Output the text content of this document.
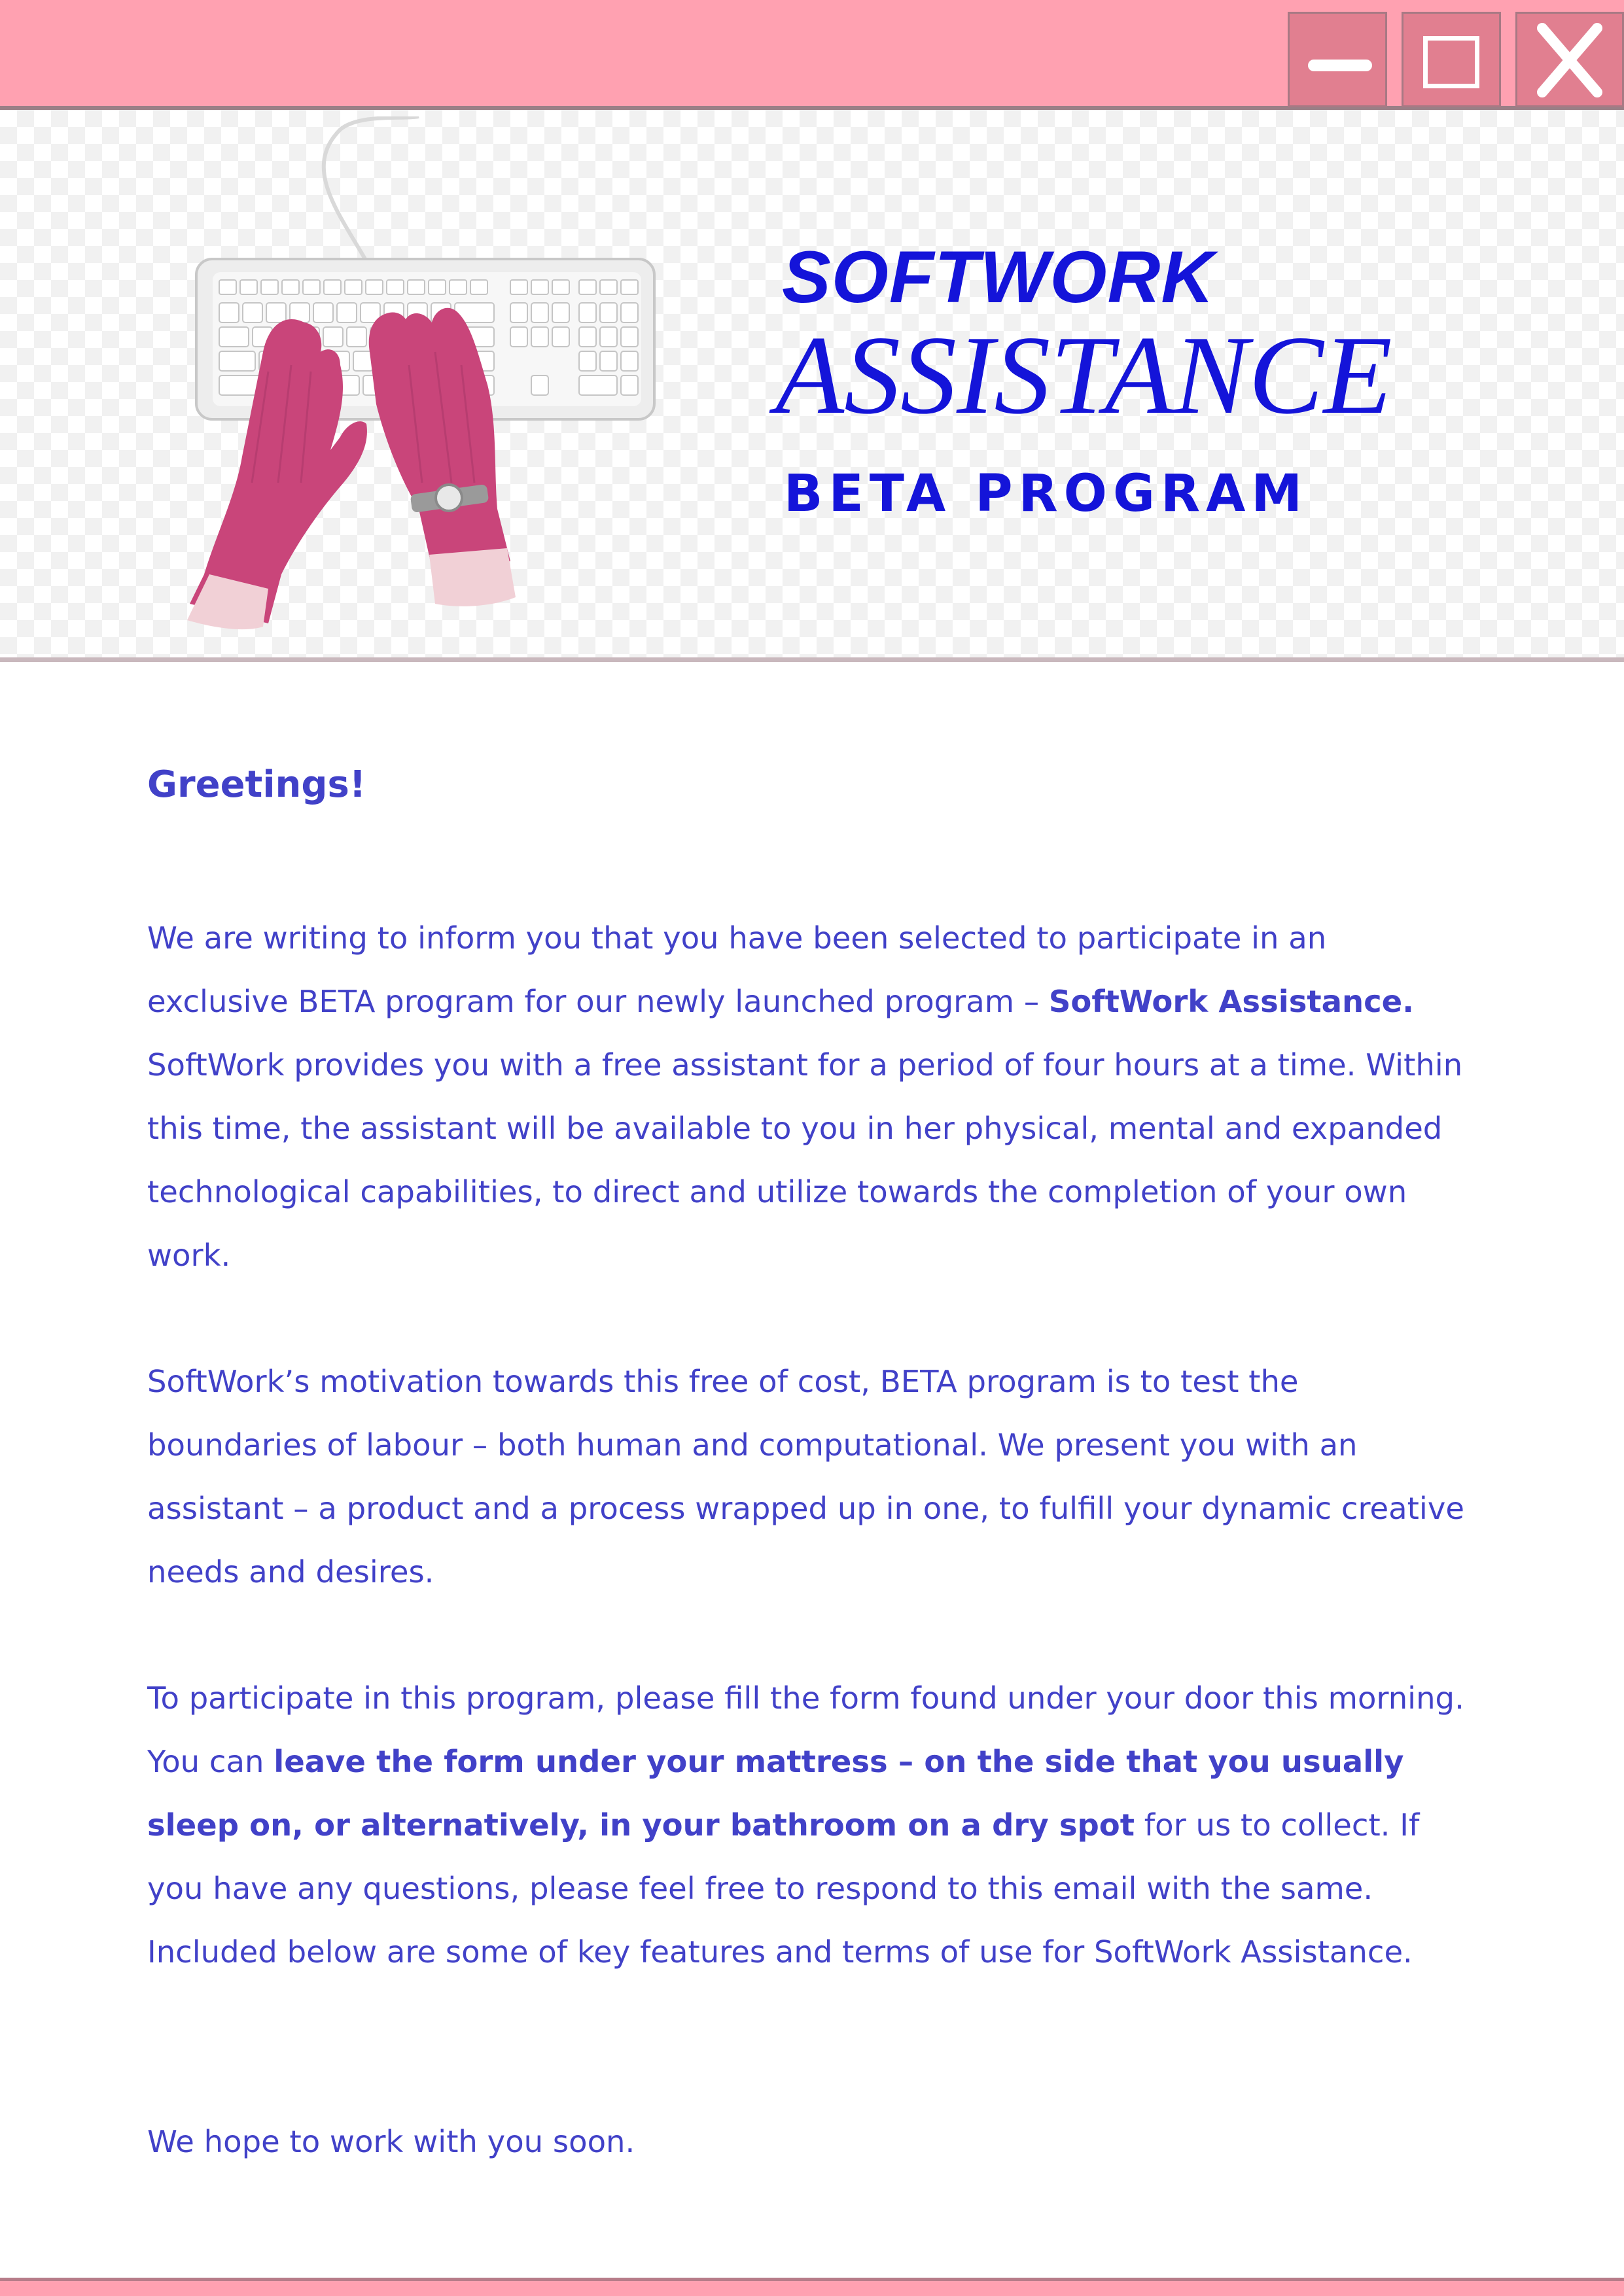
SOFTWORK
ASSISTANCE
BETA PROGRAM
Greetings!

We are writing to inform you that you have been selected to participate in an exclusive BETA program for our newly launched program – SoftWork Assistance. SoftWork provides you with a free assistant for a period of four hours at a time. Within this time, the assistant will be available to you in her physical, mental and expanded technological capabilities, to direct and utilize towards the completion of your own work.

SoftWork’s motivation towards this free of cost, BETA program is to test the boundaries of labour – both human and computational. We present you with an assistant – a product and a process wrapped up in one, to fulfill your dynamic creative needs and desires.

To participate in this program, please fill the form found under your door this morning. You can leave the form under your mattress – on the side that you usually sleep on, or alternatively, in your bathroom on a dry spot for us to collect. If you have any questions, please feel free to respond to this email with the same. Included below are some of key features and terms of use for SoftWork Assistance.

We hope to work with you soon.
